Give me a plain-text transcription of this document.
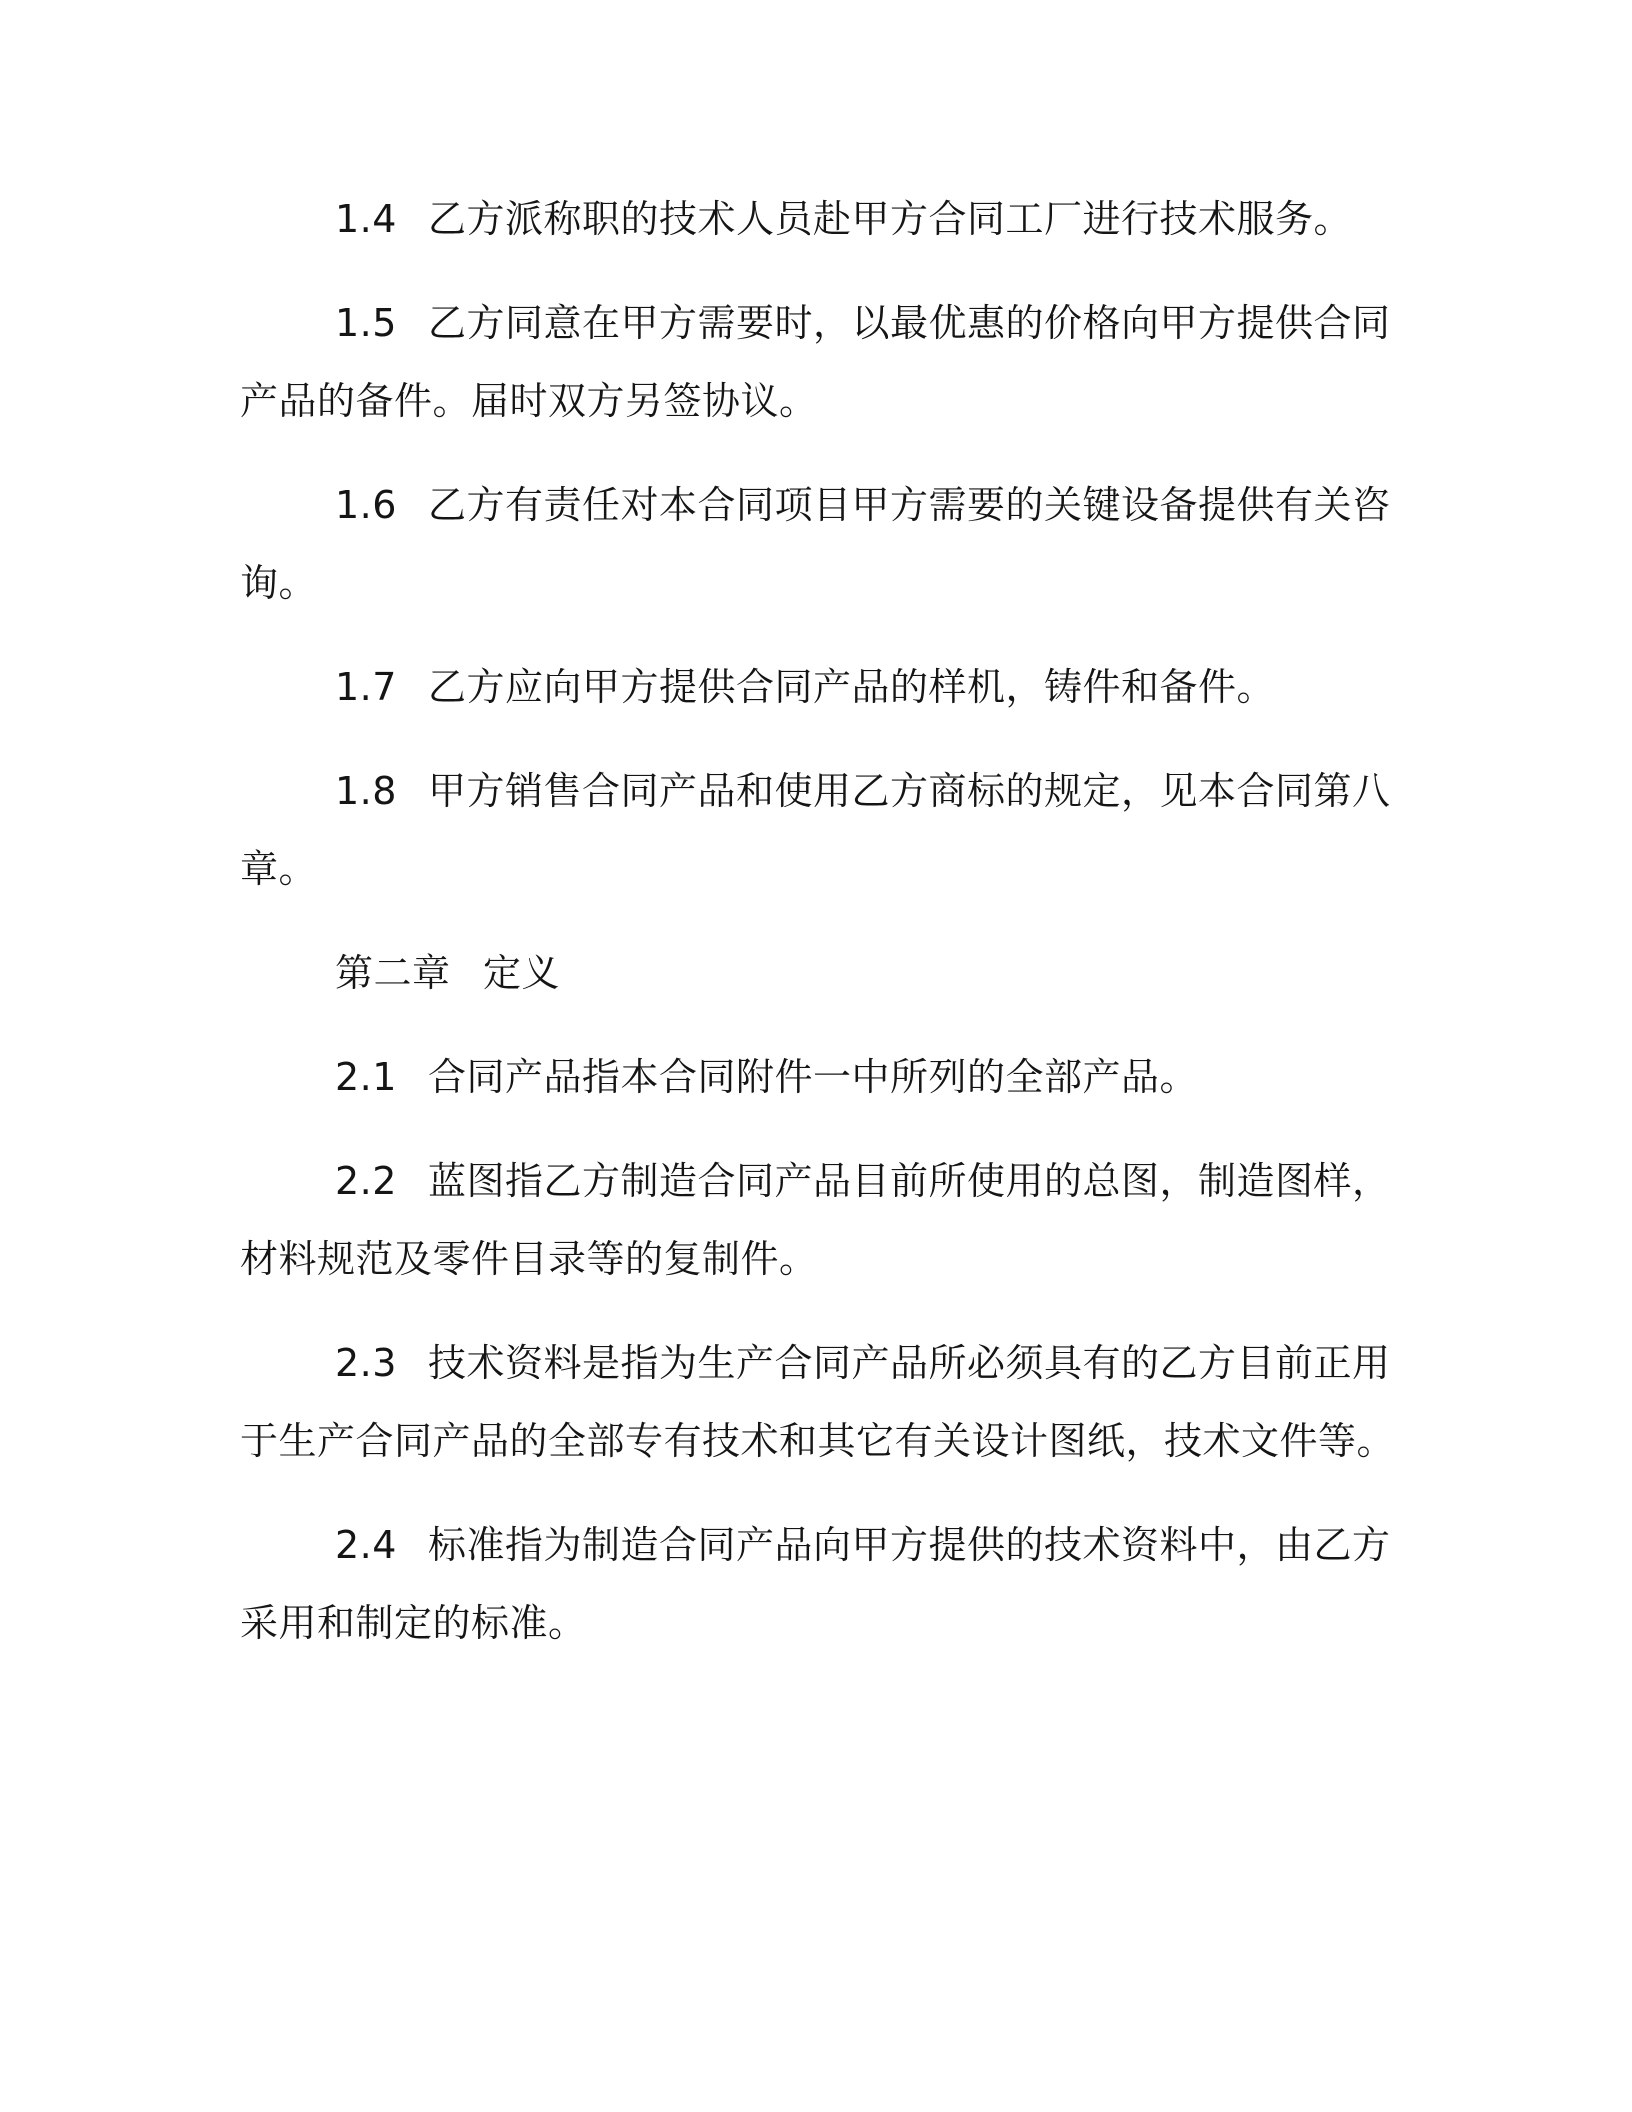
1.4 乙方派称职的技术人员赴甲方合同工厂进行技术服务。
1.5 乙方同意在甲方需要时，以最优惠的价格向甲方提供合同
产品的备件。届时双方另签协议。
1.6 乙方有责任对本合同项目甲方需要的关键设备提供有关咨
询。
1.7 乙方应向甲方提供合同产品的样机，铸件和备件。
1.8 甲方销售合同产品和使用乙方商标的规定，见本合同第八
章。
第二章 定义
2.1 合同产品指本合同附件一中所列的全部产品。
2.2 蓝图指乙方制造合同产品目前所使用的总图，制造图样，
材料规范及零件目录等的复制件。
2.3 技术资料是指为生产合同产品所必须具有的乙方目前正用
于生产合同产品的全部专有技术和其它有关设计图纸，技术文件等。
2.4 标准指为制造合同产品向甲方提供的技术资料中，由乙方
采用和制定的标准。
